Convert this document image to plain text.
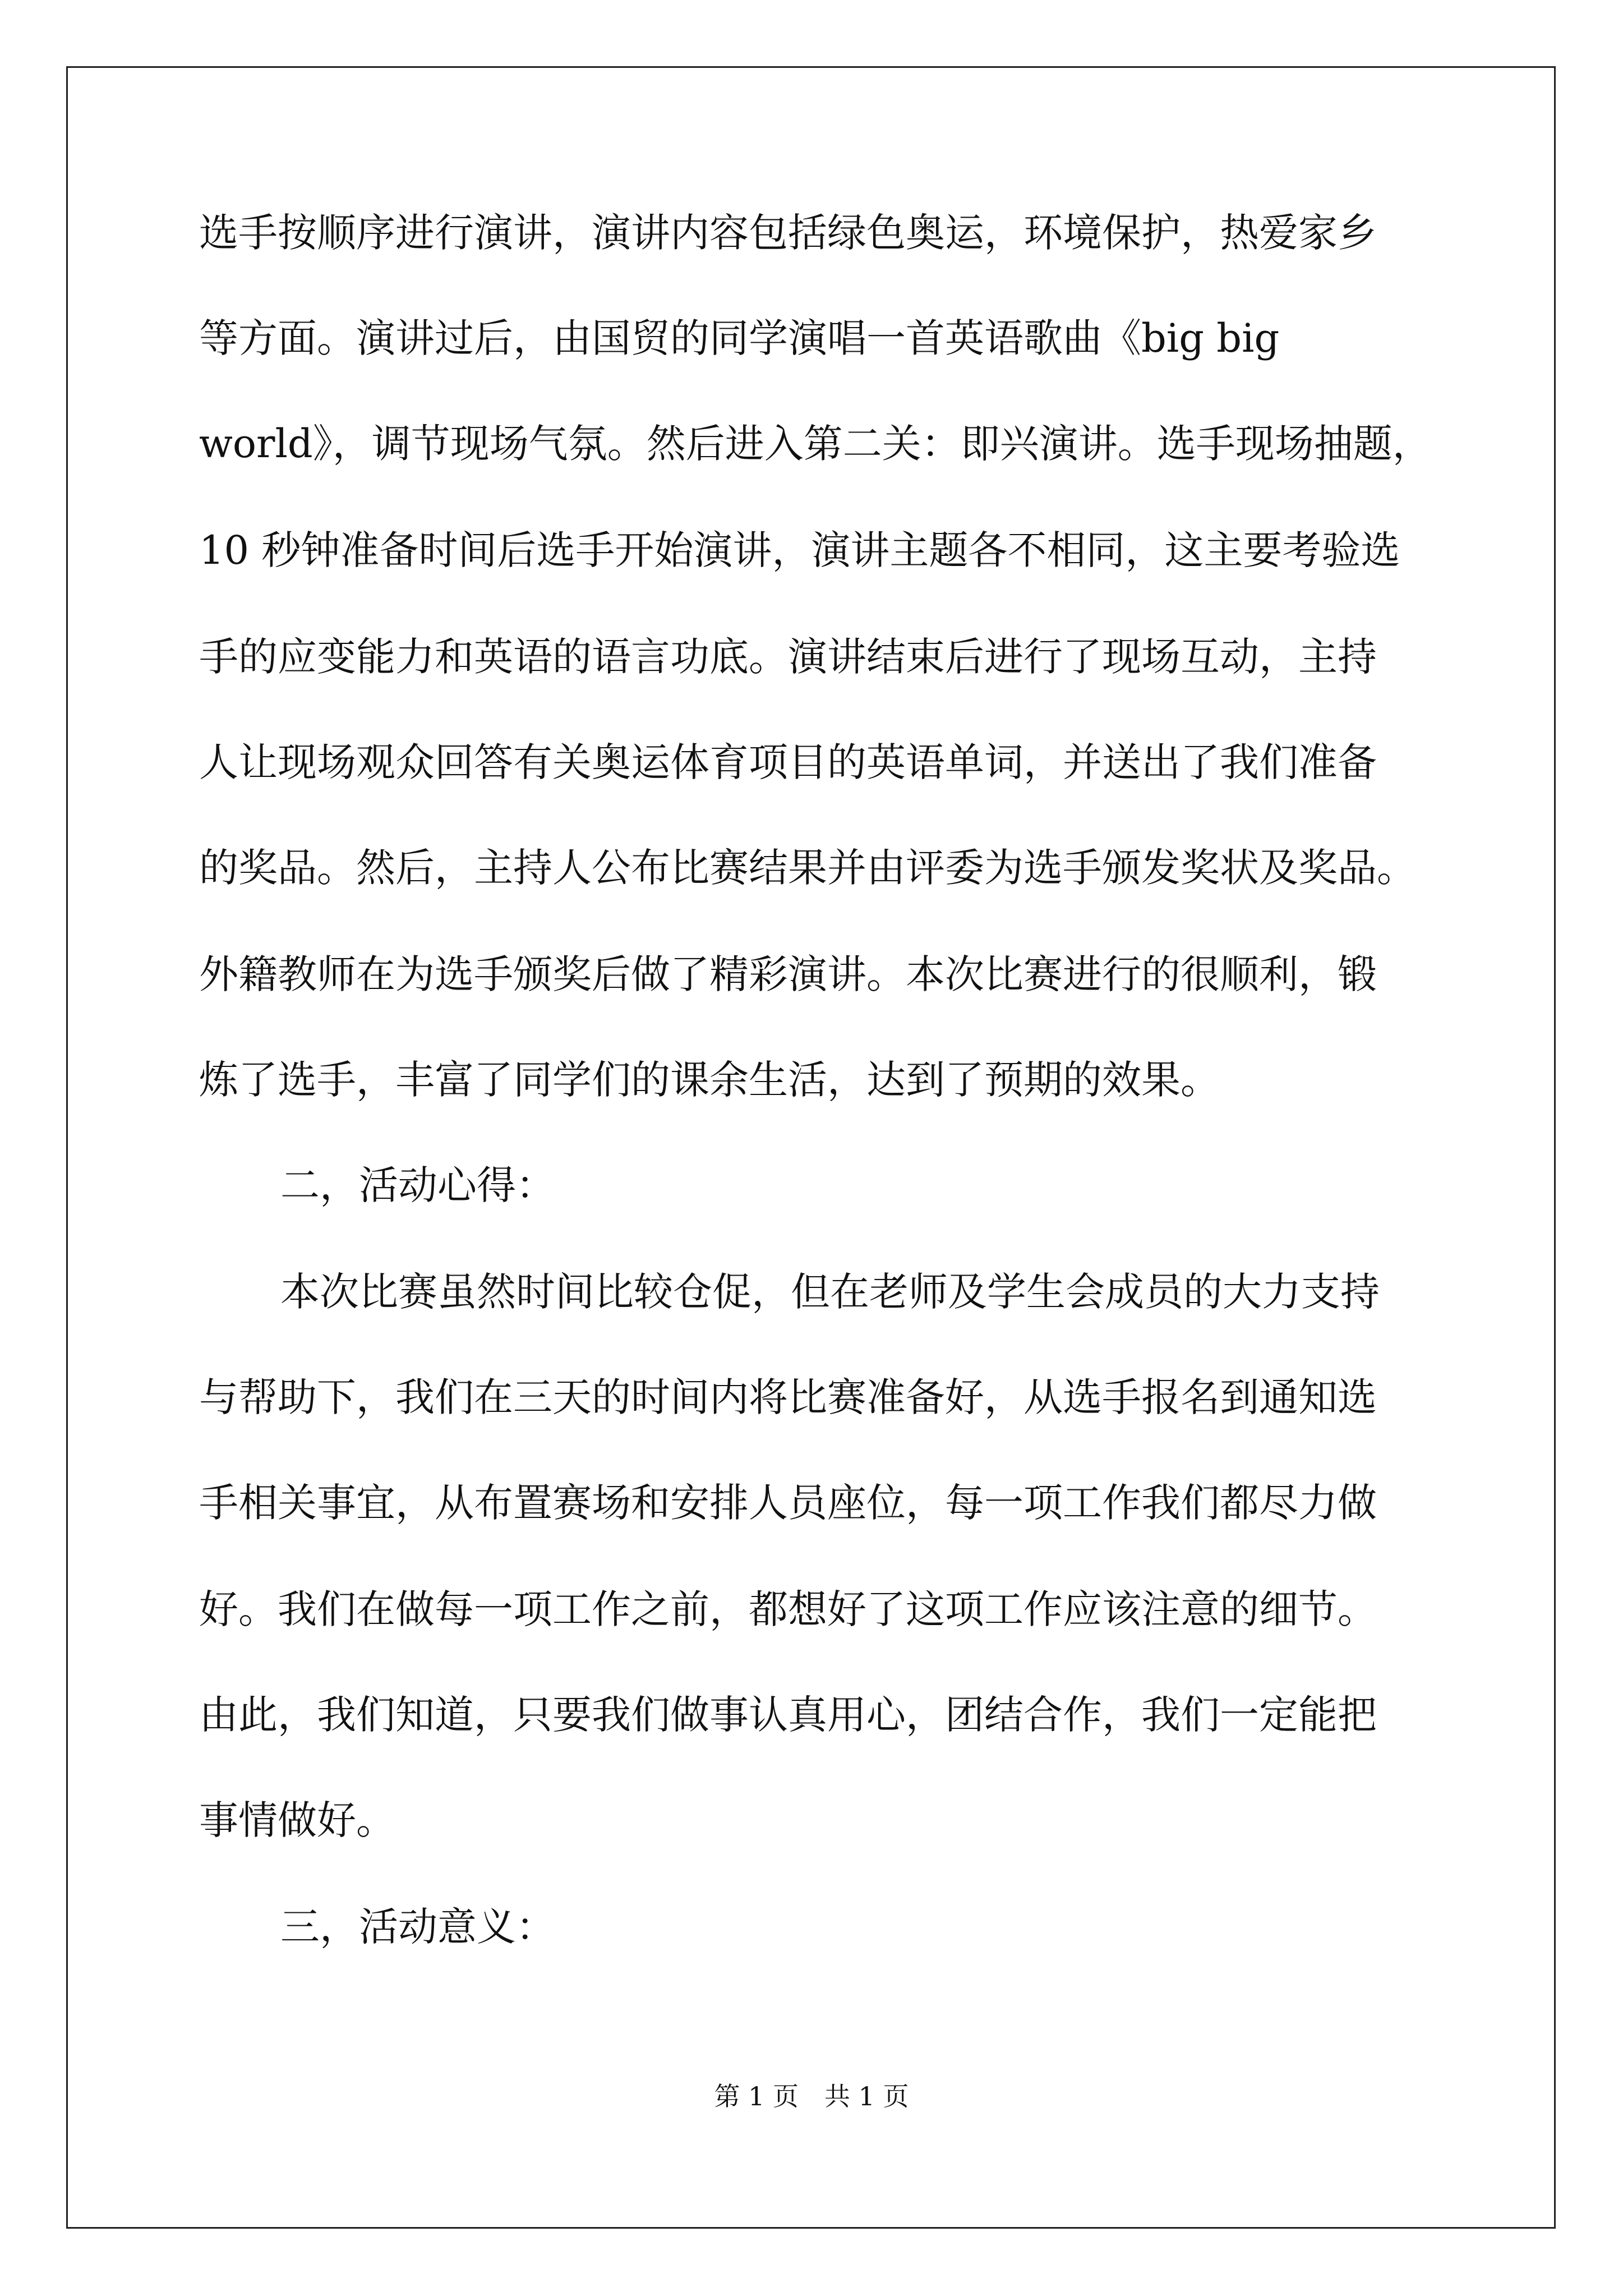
选手按顺序进行演讲，演讲内容包括绿色奥运，环境保护，热爱家乡
等方面。演讲过后，由国贸的同学演唱一首英语歌曲《big big
world》，调节现场气氛。然后进入第二关：即兴演讲。选手现场抽题，
10 秒钟准备时间后选手开始演讲，演讲主题各不相同，这主要考验选
手的应变能力和英语的语言功底。演讲结束后进行了现场互动，主持
人让现场观众回答有关奥运体育项目的英语单词，并送出了我们准备
的奖品。然后，主持人公布比赛结果并由评委为选手颁发奖状及奖品。
外籍教师在为选手颁奖后做了精彩演讲。本次比赛进行的很顺利，锻
炼了选手，丰富了同学们的课余生活，达到了预期的效果。
二，活动心得：
本次比赛虽然时间比较仓促，但在老师及学生会成员的大力支持
与帮助下，我们在三天的时间内将比赛准备好，从选手报名到通知选
手相关事宜，从布置赛场和安排人员座位，每一项工作我们都尽力做
好。我们在做每一项工作之前，都想好了这项工作应该注意的细节。
由此，我们知道，只要我们做事认真用心，团结合作，我们一定能把
事情做好。
三，活动意义：
第 1 页　共 1 页
